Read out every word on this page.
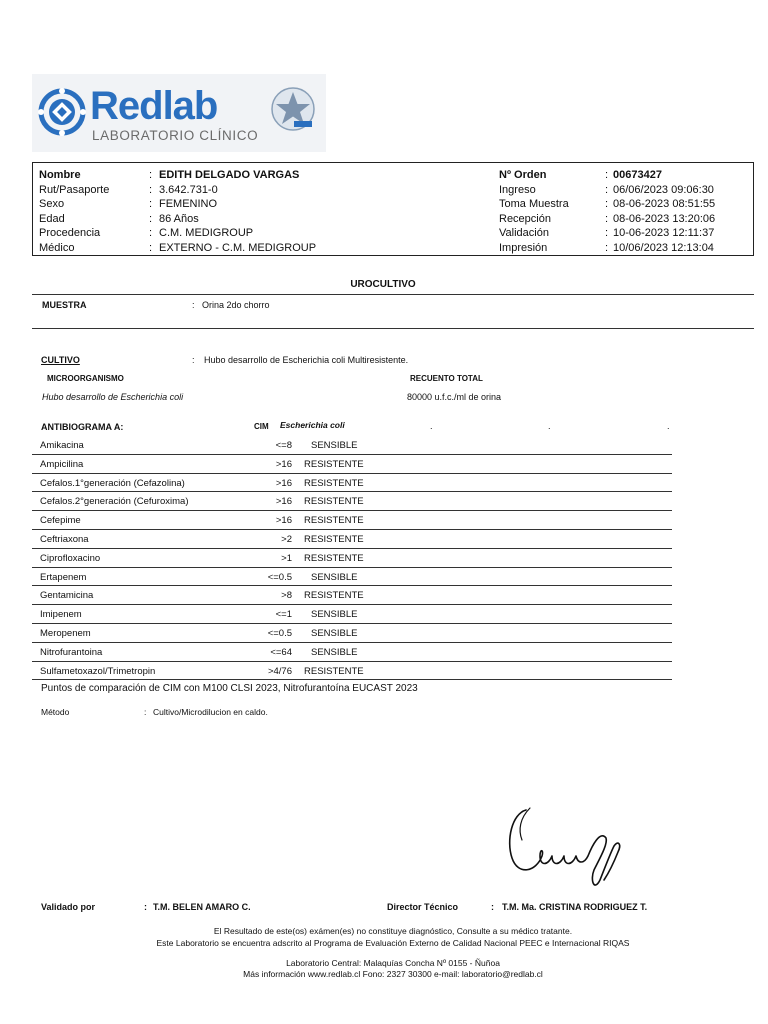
Redlab
LABORATORIO CLÍNICO
Nombre	: EDITH DELGADO VARGAS	Nº Orden	: 00673427
Rut/Pasaporte	: 3.642.731-0	Ingreso	: 06/06/2023 09:06:30
Sexo	: FEMENINO	Toma Muestra	: 08-06-2023 08:51:55
Edad	: 86 Años	Recepción	: 08-06-2023 13:20:06
Procedencia	: C.M. MEDIGROUP	Validación	: 10-06-2023 12:11:37
Médico	: EXTERNO - C.M. MEDIGROUP	Impresión	: 10/06/2023 12:13:04
UROCULTIVO
MUESTRA	: Orina 2do chorro
CULTIVO	: Hubo desarrollo de Escherichia coli Multiresistente.
MICROORGANISMO	RECUENTO TOTAL
Hubo desarrollo de Escherichia coli	80000 u.f.c./ml de orina
ANTIBIOGRAMA A:	CIM Escherichia coli	.	.	.
Amikacina	<=8 SENSIBLE
Ampicilina	>16 RESISTENTE
Cefalos.1°generación (Cefazolina)	>16 RESISTENTE
Cefalos.2°generación (Cefuroxima)	>16 RESISTENTE
Cefepime	>16 RESISTENTE
Ceftriaxona	>2 RESISTENTE
Ciprofloxacino	>1 RESISTENTE
Ertapenem	<=0.5 SENSIBLE
Gentamicina	>8 RESISTENTE
Imipenem	<=1 SENSIBLE
Meropenem	<=0.5 SENSIBLE
Nitrofurantoina	<=64 SENSIBLE
Sulfametoxazol/Trimetropin	>4/76 RESISTENTE
Puntos de comparación de CIM con M100 CLSI 2023, Nitrofurantoína EUCAST 2023
Método	: Cultivo/Microdilucion en caldo.
Validado por	: T.M. BELEN AMARO C.	Director Técnico	: T.M. Ma. CRISTINA RODRIGUEZ T.
El Resultado de este(os) exámen(es) no constituye diagnóstico, Consulte a su médico tratante.
Este Laboratorio se encuentra adscrito al Programa de Evaluación Externo de Calidad Nacional PEEC e Internacional RIQAS
Laboratorio Central: Malaquías Concha Nº 0155 - Ñuñoa
Más información www.redlab.cl Fono: 2327 30300 e-mail: laboratorio@redlab.cl
